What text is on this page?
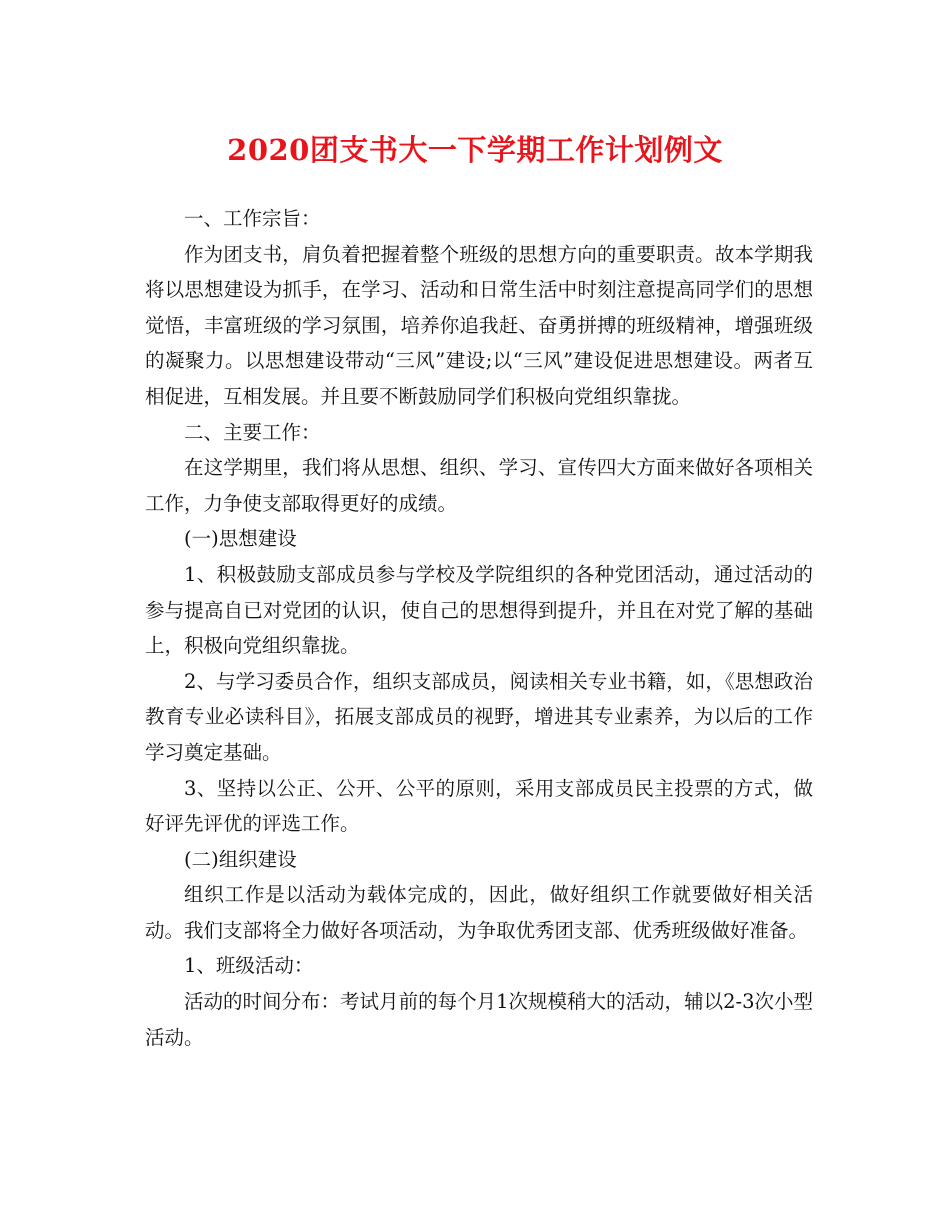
2020团支书大一下学期工作计划例文

一、工作宗旨：

作为团支书，肩负着把握着整个班级的思想方向的重要职责。故本学期我将以思想建设为抓手，在学习、活动和日常生活中时刻注意提高同学们的思想觉悟，丰富班级的学习氛围，培养你追我赶、奋勇拼搏的班级精神，增强班级的凝聚力。以思想建设带动“三风”建设;以“三风”建设促进思想建设。两者互相促进，互相发展。并且要不断鼓励同学们积极向党组织靠拢。

二、主要工作：

在这学期里，我们将从思想、组织、学习、宣传四大方面来做好各项相关工作，力争使支部取得更好的成绩。

(一)思想建设

1、积极鼓励支部成员参与学校及学院组织的各种党团活动，通过活动的参与提高自已对党团的认识，使自己的思想得到提升，并且在对党了解的基础上，积极向党组织靠拢。

2、与学习委员合作，组织支部成员，阅读相关专业书籍，如，《思想政治教育专业必读科目》，拓展支部成员的视野，增进其专业素养，为以后的工作学习奠定基础。

3、坚持以公正、公开、公平的原则，采用支部成员民主投票的方式，做好评先评优的评选工作。

(二)组织建设

组织工作是以活动为载体完成的，因此，做好组织工作就要做好相关活动。我们支部将全力做好各项活动，为争取优秀团支部、优秀班级做好准备。

1、班级活动：

活动的时间分布：考试月前的每个月1次规模稍大的活动，辅以2-3次小型活动。
